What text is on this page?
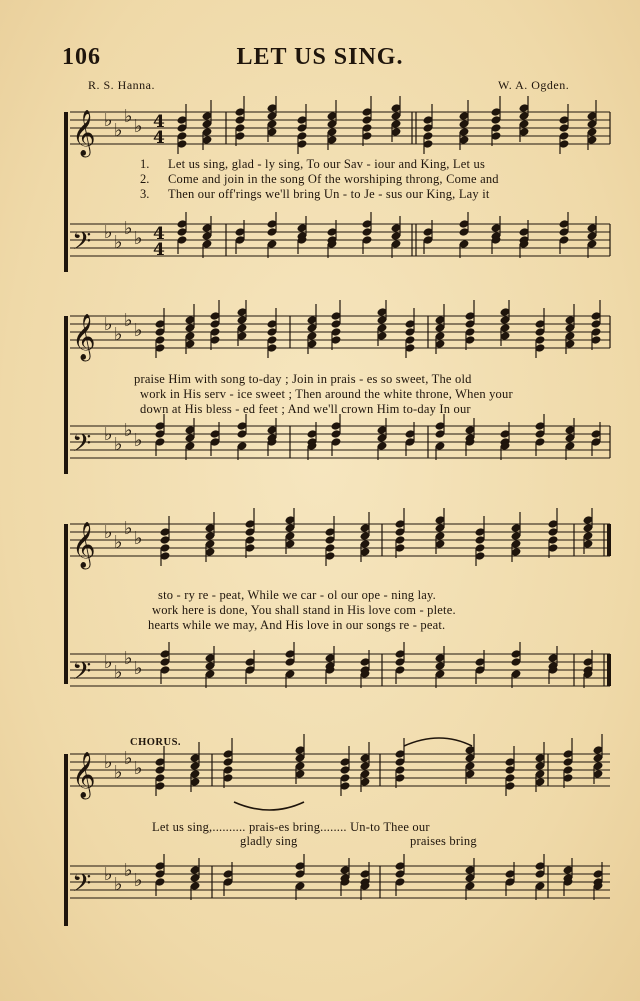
106	LET US SING.
R. S. Hanna.	W. A. Ogden.
𝄞
𝄢
♭ ♭
♭ ♭
♭ ♭
♭ ♭
4
4
4
4
1.
2.
3.
Let us sing, glad - ly sing, To our Sav - iour and King, Let us
Come and join in the song Of the worshiping throng, Come and
Then our off'rings we'll bring Un - to Je - sus our King, Lay it
𝄞
𝄢
♭ ♭
♭ ♭
♭ ♭
♭ ♭
praise Him with song to-day ; Join in prais - es so sweet, The old
work in His serv - ice sweet ; Then around the white throne, When your
down at His bless - ed feet ; And we'll crown Him to-day In our
𝄞
𝄢
♭ ♭
♭ ♭
♭ ♭
♭ ♭
sto - ry re - peat, While we car - ol our ope - ning lay.
work here is done, You shall stand in His love com - plete.
hearts while we may, And His love in our songs re - peat.
CHORUS.
𝄞
𝄢
♭ ♭
♭ ♭
♭ ♭
♭ ♭
Let us sing,.......... prais-es bring........ Un-to Thee our
gladly sing	praises bring
